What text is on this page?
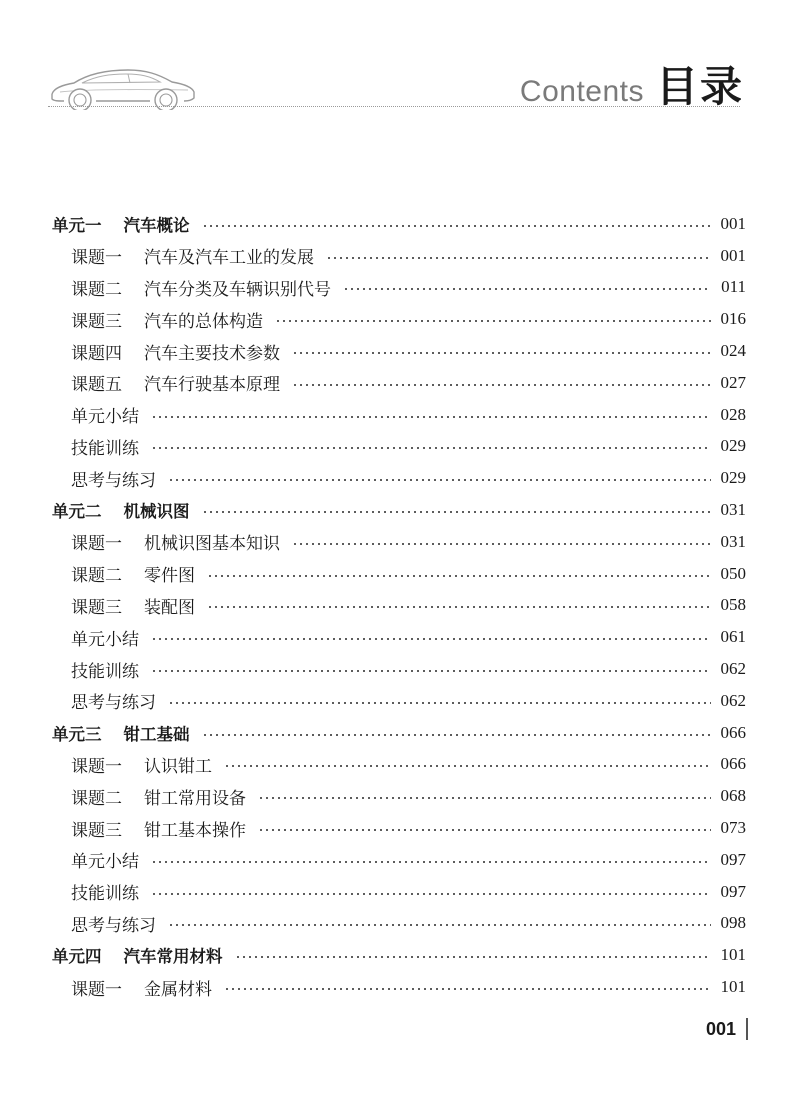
Contents 目录
单元一 汽车概论	001
课题一 汽车及汽车工业的发展	001
课题二 汽车分类及车辆识别代号	011
课题三 汽车的总体构造	016
课题四 汽车主要技术参数	024
课题五 汽车行驶基本原理	027
单元小结	028
技能训练	029
思考与练习	029
单元二 机械识图	031
课题一 机械识图基本知识	031
课题二 零件图	050
课题三 装配图	058
单元小结	061
技能训练	062
思考与练习	062
单元三 钳工基础	066
课题一 认识钳工	066
课题二 钳工常用设备	068
课题三 钳工基本操作	073
单元小结	097
技能训练	097
思考与练习	098
单元四 汽车常用材料	101
课题一 金属材料	101
001
